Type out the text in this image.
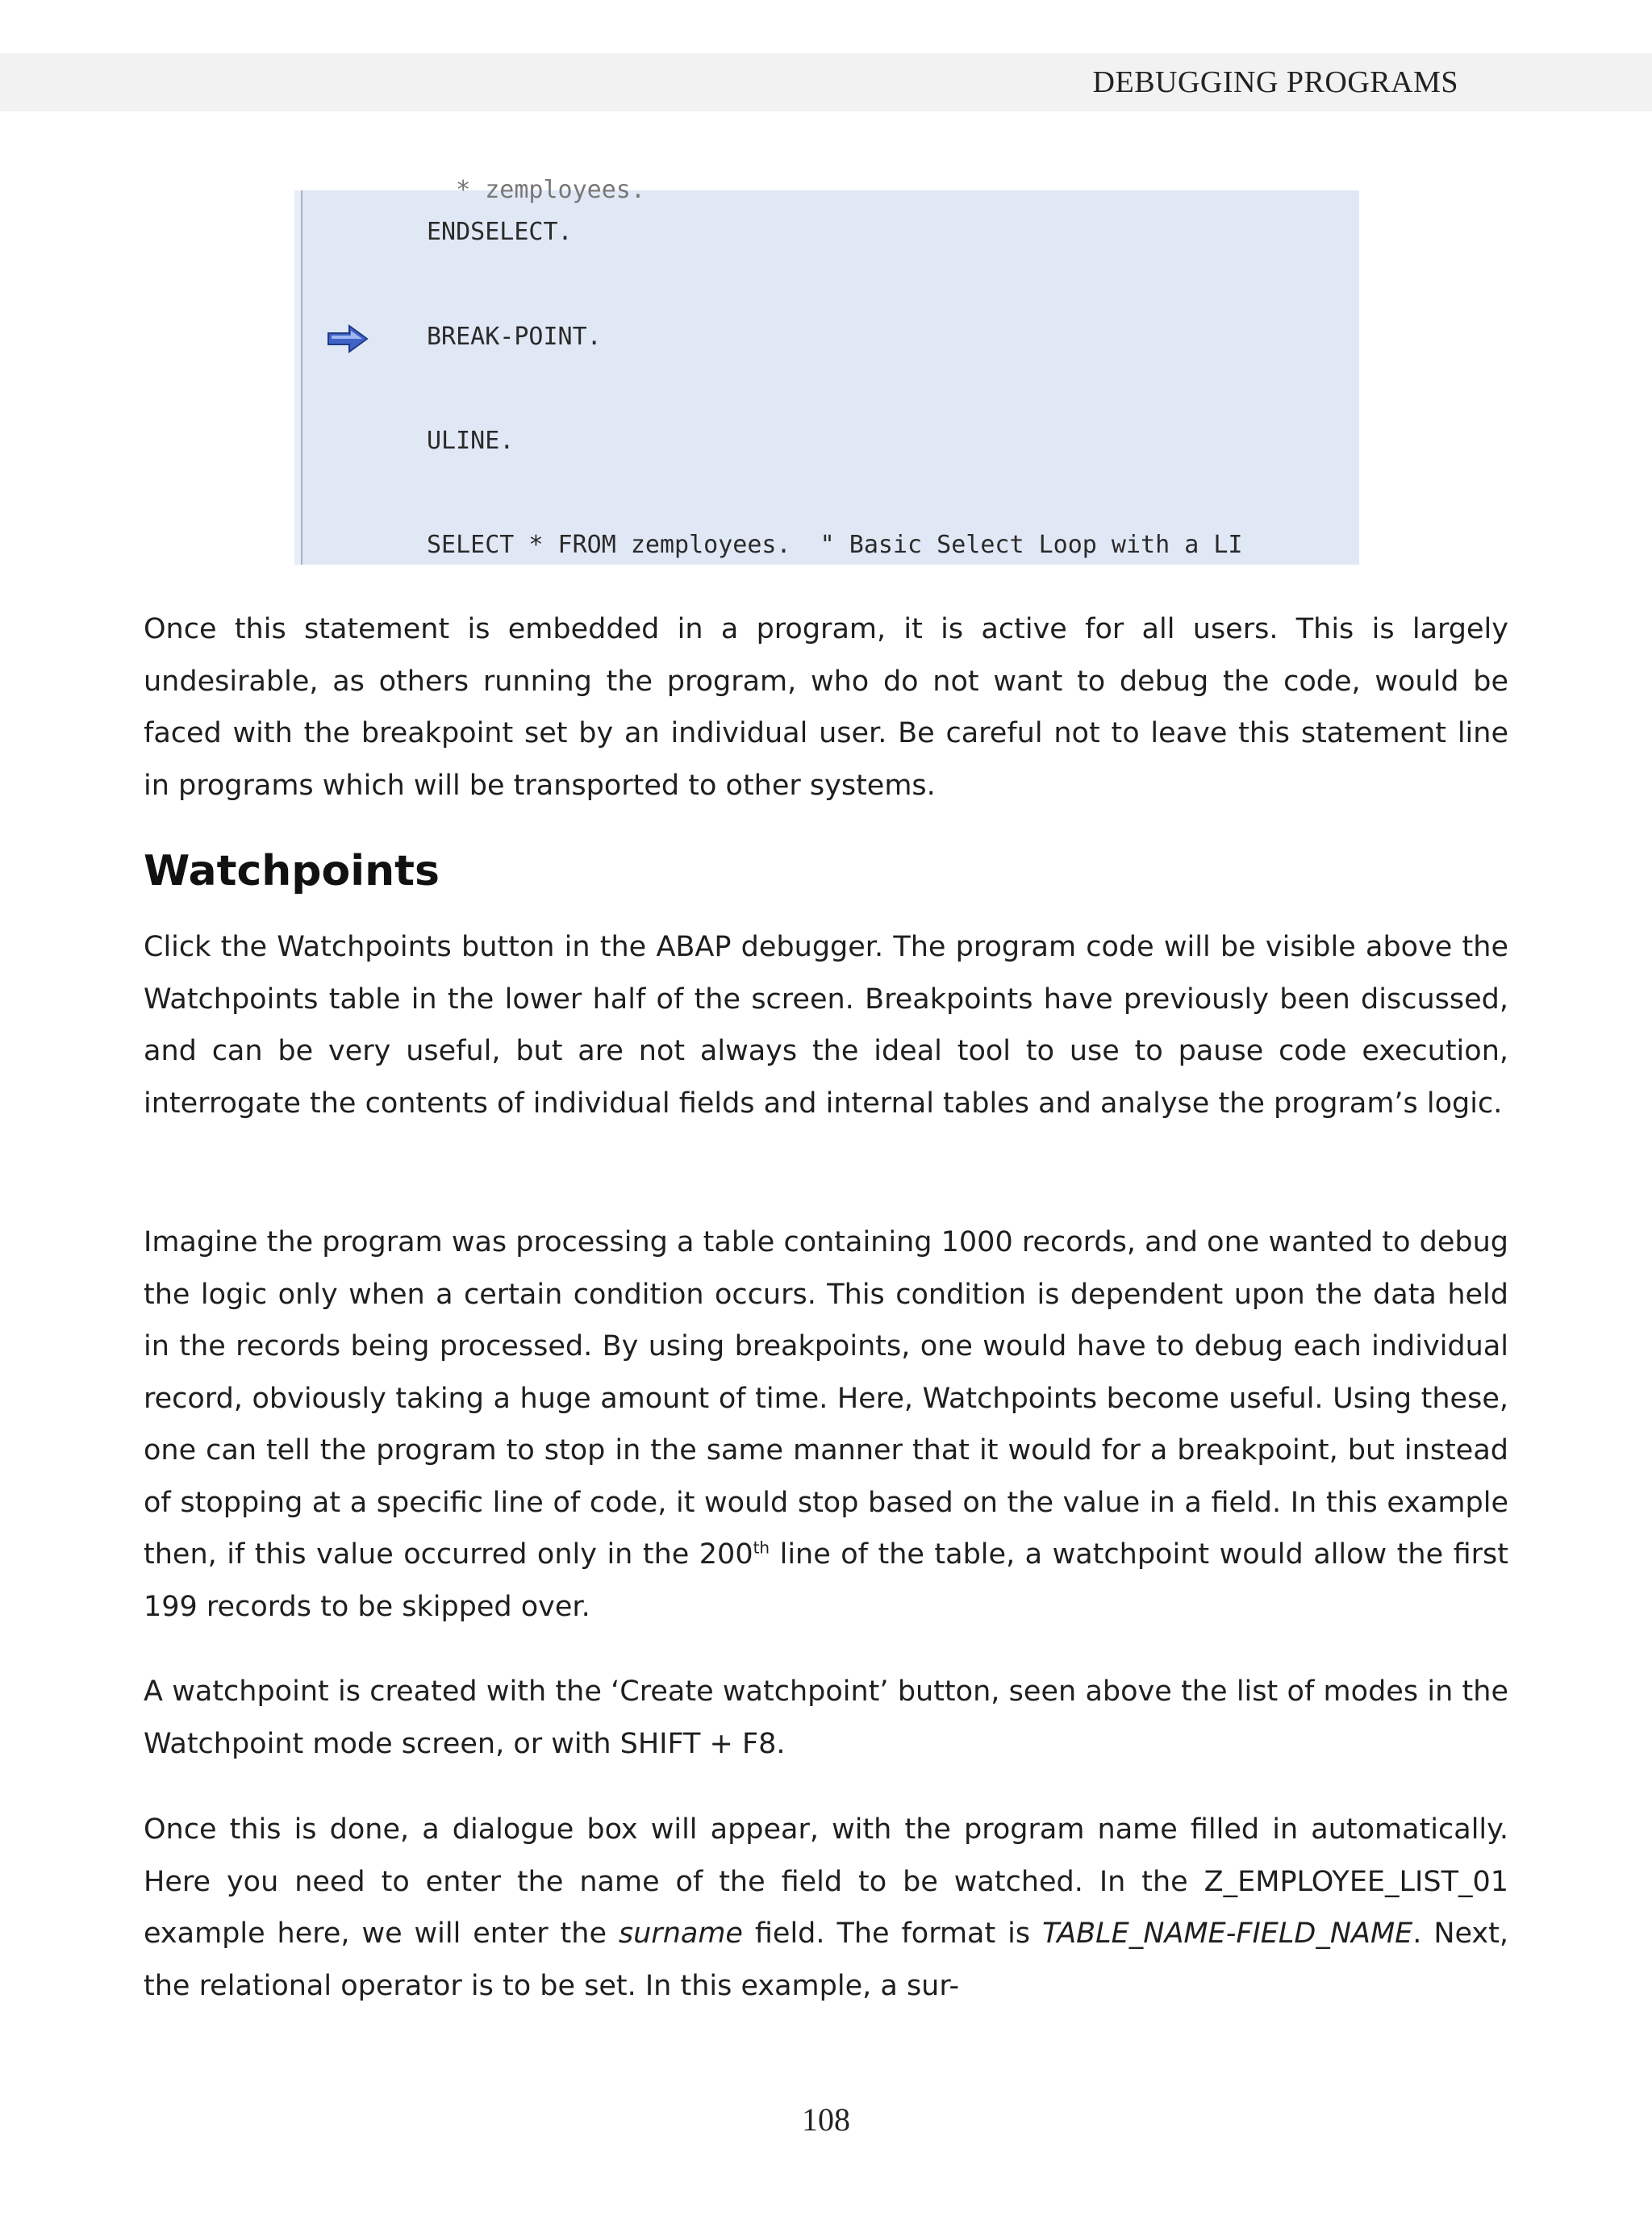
DEBUGGING PROGRAMS
* zemployees.
ENDSELECT.
BREAK-POINT.
ULINE.
SELECT * FROM zemployees.  " Basic Select Loop with a LI

Once this statement is embedded in a program, it is active for all users. This is largely undesirable, as others running the program, who do not want to debug the code, would be faced with the breakpoint set by an individual user. Be careful not to leave this statement line in programs which will be transported to other systems.

Watchpoints

Click the Watchpoints button in the ABAP debugger. The program code will be visible above the Watchpoints table in the lower half of the screen. Breakpoints have previously been discussed, and can be very useful, but are not always the ideal tool to use to pause code execution, interrogate the contents of individual fields and internal tables and analyse the program’s logic.

Imagine the program was processing a table containing 1000 records, and one wanted to debug the logic only when a certain condition occurs. This condition is dependent upon the data held in the records being processed. By using breakpoints, one would have to debug each individual record, obviously taking a huge amount of time. Here, Watchpoints become useful. Using these, one can tell the program to stop in the same manner that it would for a breakpoint, but instead of stopping at a specific line of code, it would stop based on the value in a field. In this example then, if this value occurred only in the 200th line of the table, a watchpoint would allow the first 199 records to be skipped over.

A watchpoint is created with the ‘Create watchpoint’ button, seen above the list of modes in the Watchpoint mode screen, or with SHIFT + F8.

Once this is done, a dialogue box will appear, with the program name filled in automatically. Here you need to enter the name of the field to be watched. In the Z_EMPLOYEE_LIST_01 example here, we will enter the surname field. The format is TABLE_NAME-FIELD_NAME. Next, the relational operator is to be set. In this example, a sur-

108
